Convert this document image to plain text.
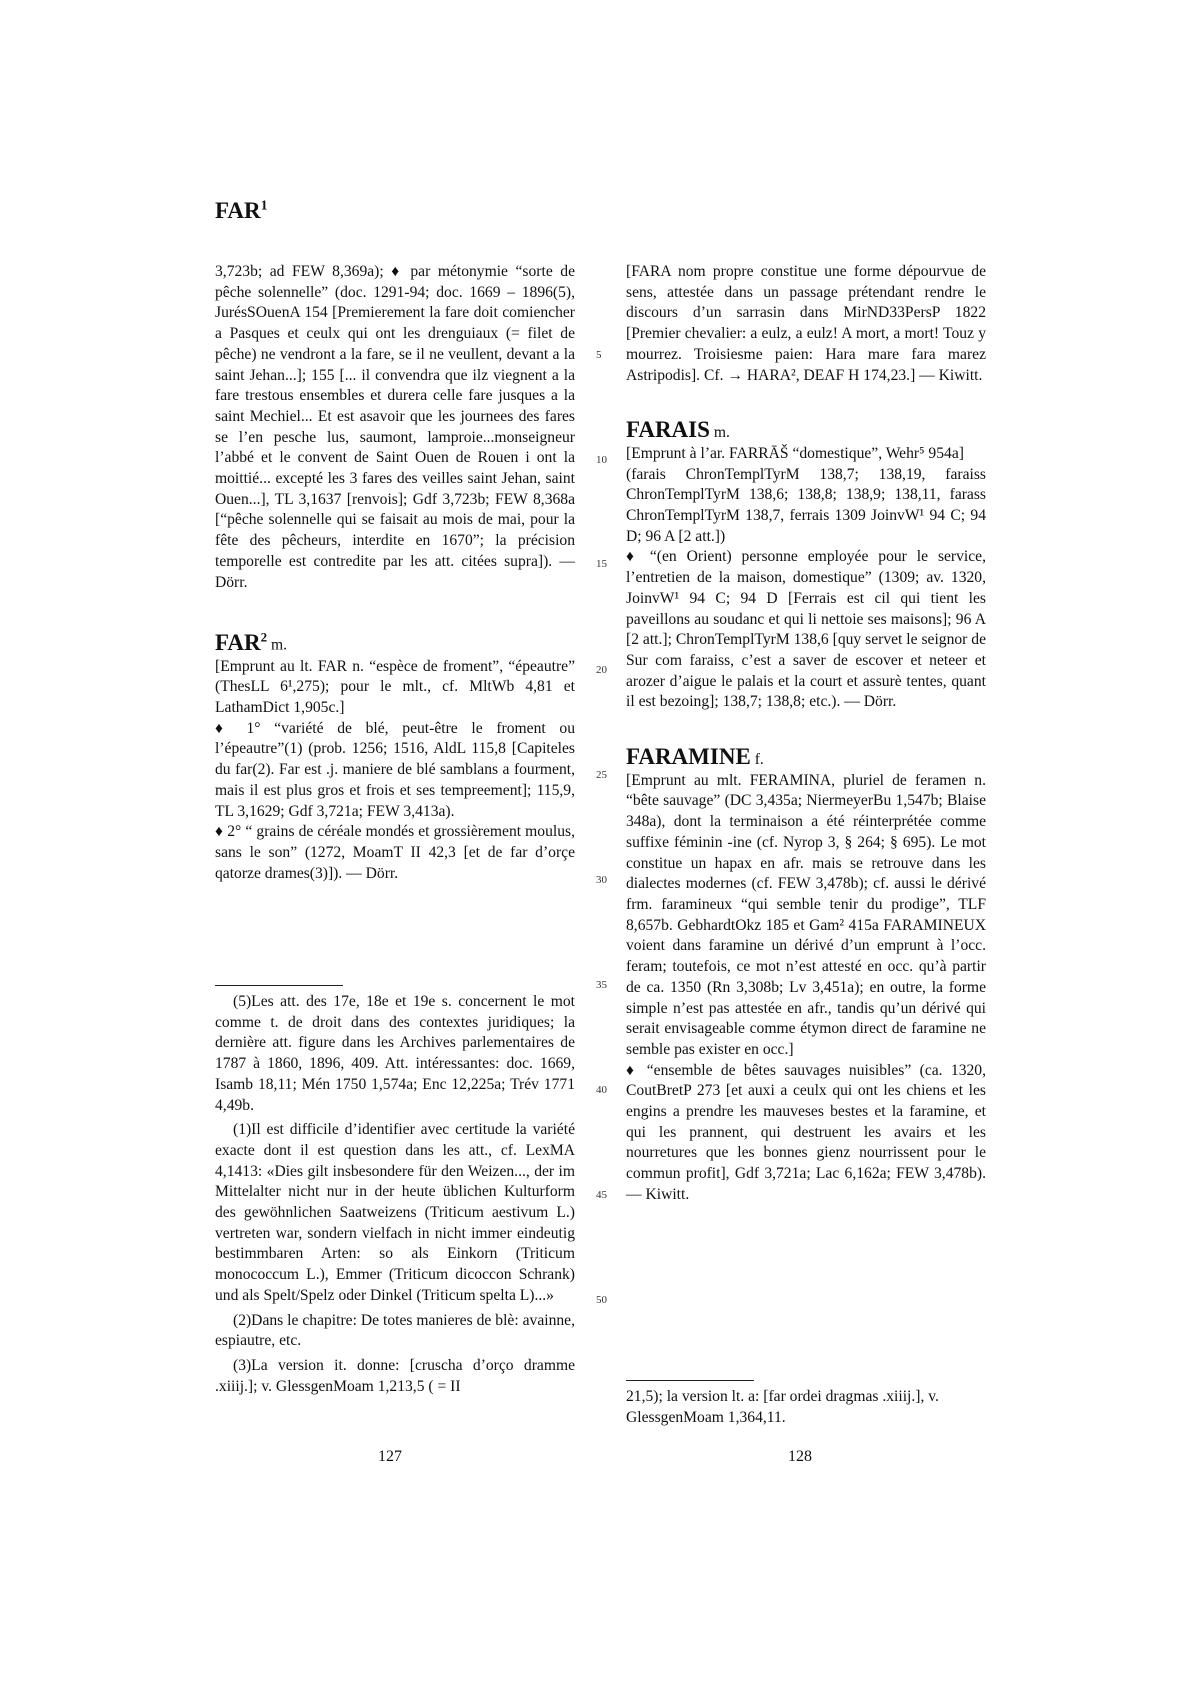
FAR$^1$

3,723b; ad FEW 8,369a); ♦ par métonymie “sorte de pêche solennelle” (doc. 1291-94; doc. 1669 – 1896(5), JurésSOuenA 154 [Premierement la fare doit comiencher a Pasques et ceulx qui ont les drenguiaux (= filet de pêche) ne vendront a la fare, se il ne veullent, devant a la saint Jehan...]; 155 [... il convendra que ilz viegnent a la fare trestous ensembles et durera celle fare jusques a la saint Mechiel... Et est asavoir que les journees des fares se l’en pesche lus, saumont, lamproie...monseigneur l’abbé et le convent de Saint Ouen de Rouen i ont la moittié... excepté les 3 fares des veilles saint Jehan, saint Ouen...], TL 3,1637 [renvois]; Gdf 3,723b; FEW 8,368a [“pêche solennelle qui se faisait au mois de mai, pour la fête des pêcheurs, interdite en 1670”; la précision temporelle est contredite par les att. citées supra]). — Dörr.

FAR$^2$ m.

[Emprunt au lt. FAR n. “espèce de froment”, “épeautre” (ThesLL 6¹,275); pour le mlt., cf. MltWb 4,81 et LathamDict 1,905c.]

♦ 1° “variété de blé, peut-être le froment ou l’épeautre”(1) (prob. 1256; 1516, AldL 115,8 [Capiteles du far(2). Far est .j. maniere de blé samblans a fourment, mais il est plus gros et frois et ses tempreement]; 115,9, TL 3,1629; Gdf 3,721a; FEW 3,413a).

♦ 2° “ grains de céréale mondés et grossièrement moulus, sans le son” (1272, MoamT II 42,3 [et de far d’orçe qatorze drames(3)]). — Dörr.

(5)Les att. des 17e, 18e et 19e s. concernent le mot comme t. de droit dans des contextes juridiques; la dernière att. figure dans les Archives parlementaires de 1787 à 1860, 1896, 409. Att. intéressantes: doc. 1669, Isamb 18,11; Mén 1750 1,574a; Enc 12,225a; Trév 1771 4,49b.

(1)Il est difficile d’identifier avec certitude la variété exacte dont il est question dans les att., cf. LexMA 4,1413: «Dies gilt insbesondere für den Weizen..., der im Mittelalter nicht nur in der heute üblichen Kulturform des gewöhnlichen Saatweizens (Triticum aestivum L.) vertreten war, sondern vielfach in nicht immer eindeutig bestimmbaren Arten: so als Einkorn (Triticum monococcum L.), Emmer (Triticum dicoccon Schrank) und als Spelt/Spelz oder Dinkel (Triticum spelta L)...»

(2)Dans le chapitre: De totes manieres de blè: avainne, espiautre, etc.

(3)La version it. donne: [cruscha d’orço dramme .xiiij.]; v. GlessgenMoam 1,213,5 ( = II

[FARA nom propre constitue une forme dépourvue de sens, attestée dans un passage prétendant rendre le discours d’un sarrasin dans MirND33PersP 1822 [Premier chevalier: a eulz, a eulz! A mort, a mort! Touz y mourrez. Troisiesme paien: Hara mare fara marez Astripodis]. Cf. → HARA², DEAF H 174,23.] — Kiwitt.

FARAIS m.

[Emprunt à l’ar. FARRĀŠ “domestique”, Wehr⁵ 954a]

(farais ChronTemplTyrM 138,7; 138,19, faraiss ChronTemplTyrM 138,6; 138,8; 138,9; 138,11, farass ChronTemplTyrM 138,7, ferrais 1309 JoinvW¹ 94 C; 94 D; 96 A [2 att.])

♦ “(en Orient) personne employée pour le service, l’entretien de la maison, domestique” (1309; av. 1320, JoinvW¹ 94 C; 94 D [Ferrais est cil qui tient les paveillons au soudanc et qui li nettoie ses maisons]; 96 A [2 att.]; ChronTemplTyrM 138,6 [quy servet le seignor de Sur com faraiss, c’est a saver de escover et neteer et arozer d’aigue le palais et la court et assurè tentes, quant il est bezoing]; 138,7; 138,8; etc.). — Dörr.

FARAMINE f.

[Emprunt au mlt. FERAMINA, pluriel de feramen n. “bête sauvage” (DC 3,435a; NiermeyerBu 1,547b; Blaise 348a), dont la terminaison a été réinterprétée comme suffixe féminin -ine (cf. Nyrop 3, § 264; § 695). Le mot constitue un hapax en afr. mais se retrouve dans les dialectes modernes (cf. FEW 3,478b); cf. aussi le dérivé frm. faramineux “qui semble tenir du prodige”, TLF 8,657b. GebhardtOkz 185 et Gam² 415a FARAMINEUX voient dans faramine un dérivé d’un emprunt à l’occ. feram; toutefois, ce mot n’est attesté en occ. qu’à partir de ca. 1350 (Rn 3,308b; Lv 3,451a); en outre, la forme simple n’est pas attestée en afr., tandis qu’un dérivé qui serait envisageable comme étymon direct de faramine ne semble pas exister en occ.]

♦ “ensemble de bêtes sauvages nuisibles” (ca. 1320, CoutBretP 273 [et auxi a ceulx qui ont les chiens et les engins a prendre les mauveses bestes et la faramine, et qui les prannent, qui destruent les avairs et les nourretures que les bonnes gienz nourrissent pour le commun profit], Gdf 3,721a; Lac 6,162a; FEW 3,478b). — Kiwitt.

21,5); la version lt. a: [far ordei dragmas .xiiij.], v. GlessgenMoam 1,364,11.

5
10
15
20
25
30
35
40
45
50
127	128
